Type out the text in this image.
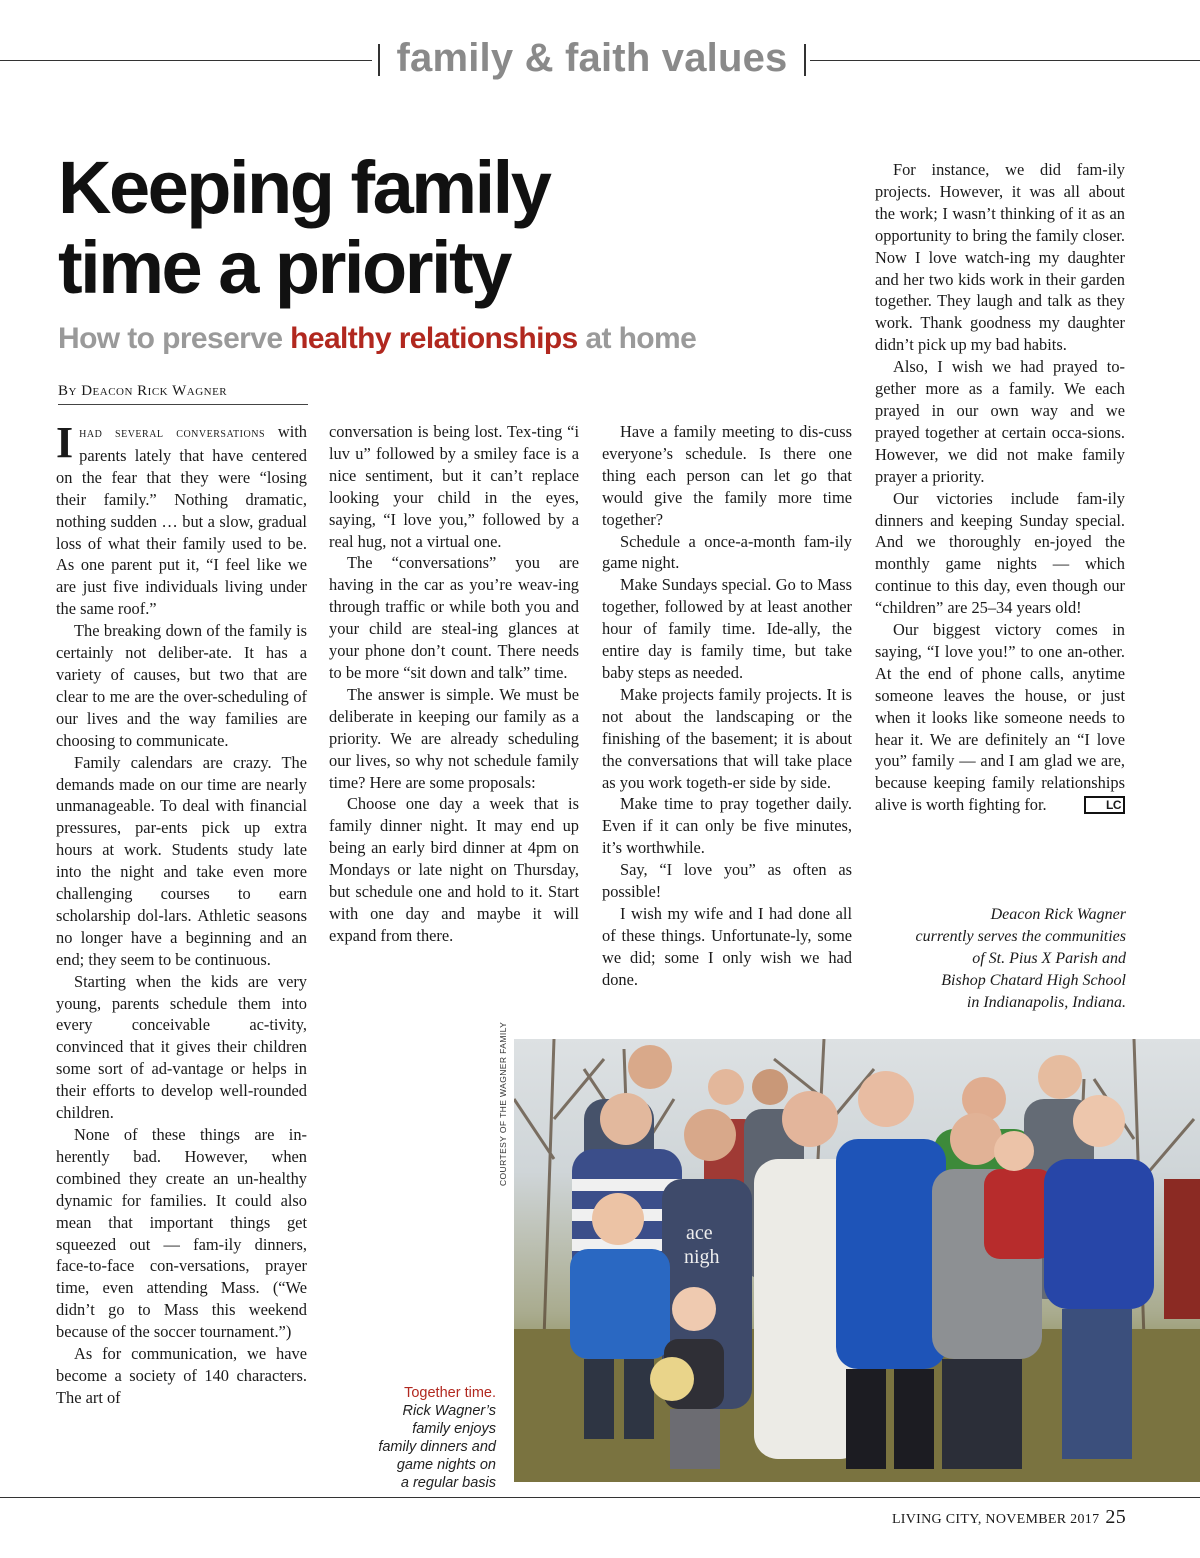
family & faith values
Keeping family
time a priority
How to preserve healthy relationships at home
By Deacon Rick Wagner

Ihad several conversations with parents lately that have centered on the fear that they were “losing their family.” Nothing dramatic, nothing sudden … but a slow, gradual loss of what their family used to be. As one parent put it, “I feel like we are just five individuals living under the same roof.”

The breaking down of the family is certainly not deliber-ate. It has a variety of causes, but two that are clear to me are the over-scheduling of our lives and the way families are choosing to communicate.

Family calendars are crazy. The demands made on our time are nearly unmanageable. To deal with financial pressures, par-ents pick up extra hours at work. Students study late into the night and take even more challenging courses to earn scholarship dol-lars. Athletic seasons no longer have a beginning and an end; they seem to be continuous.

Starting when the kids are very young, parents schedule them into every conceivable ac-tivity, convinced that it gives their children some sort of ad-vantage or helps in their efforts to develop well-rounded children.

None of these things are in-herently bad. However, when combined they create an un-healthy dynamic for families. It could also mean that important things get squeezed out — fam-ily dinners, face-to-face con-versations, prayer time, even attending Mass. (“We didn’t go to Mass this weekend because of the soccer tournament.”)

As for communication, we have become a society of 140 characters. The art of

conversation is being lost. Tex-ting “i luv u” followed by a smiley face is a nice sentiment, but it can’t replace looking your child in the eyes, saying, “I love you,” followed by a real hug, not a virtual one.

The “conversations” you are having in the car as you’re weav-ing through traffic or while both you and your child are steal-ing glances at your phone don’t count. There needs to be more “sit down and talk” time.

The answer is simple. We must be deliberate in keeping our family as a priority. We are already scheduling our lives, so why not schedule family time? Here are some proposals:

Choose one day a week that is family dinner night. It may end up being an early bird dinner at 4pm on Mondays or late night on Thursday, but schedule one and hold to it. Start with one day and maybe it will expand from there.

Have a family meeting to dis-cuss everyone’s schedule. Is there one thing each person can let go that would give the family more time together?

Schedule a once-a-month fam-ily game night.

Make Sundays special. Go to Mass together, followed by at least another hour of family time. Ide-ally, the entire day is family time, but take baby steps as needed.

Make projects family projects. It is not about the landscaping or the finishing of the basement; it is about the conversations that will take place as you work togeth-er side by side.

Make time to pray together daily. Even if it can only be five minutes, it’s worthwhile.

Say, “I love you” as often as possible!

I wish my wife and I had done all of these things. Unfortunate-ly, some we did; some I only wish we had done.

For instance, we did fam-ily projects. However, it was all about the work; I wasn’t thinking of it as an opportunity to bring the family closer. Now I love watch-ing my daughter and her two kids work in their garden together. They laugh and talk as they work. Thank goodness my daughter didn’t pick up my bad habits.

Also, I wish we had prayed to-gether more as a family. We each prayed in our own way and we prayed together at certain occa-sions. However, we did not make family prayer a priority.

Our victories include fam-ily dinners and keeping Sunday special. And we thoroughly en-joyed the monthly game nights — which continue to this day, even though our “children” are 25–34 years old!

Our biggest victory comes in saying, “I love you!” to one an-other. At the end of phone calls, anytime someone leaves the house, or just when it looks like someone needs to hear it. We are definitely an “I love you” family — and I am glad we are, because keeping family relationships alive is worth fighting for.	LC

Deacon Rick Wagner
currently serves the communities
of St. Pius X Parish and
Bishop Chatard High School
in Indianapolis, Indiana.
COURTESY OF THE WAGNER FAMILY
ace
nigh
Together time.
Rick Wagner’s
family enjoys
family dinners and
game nights on
a regular basis
LIVING CITY, NOVEMBER 2017 25
